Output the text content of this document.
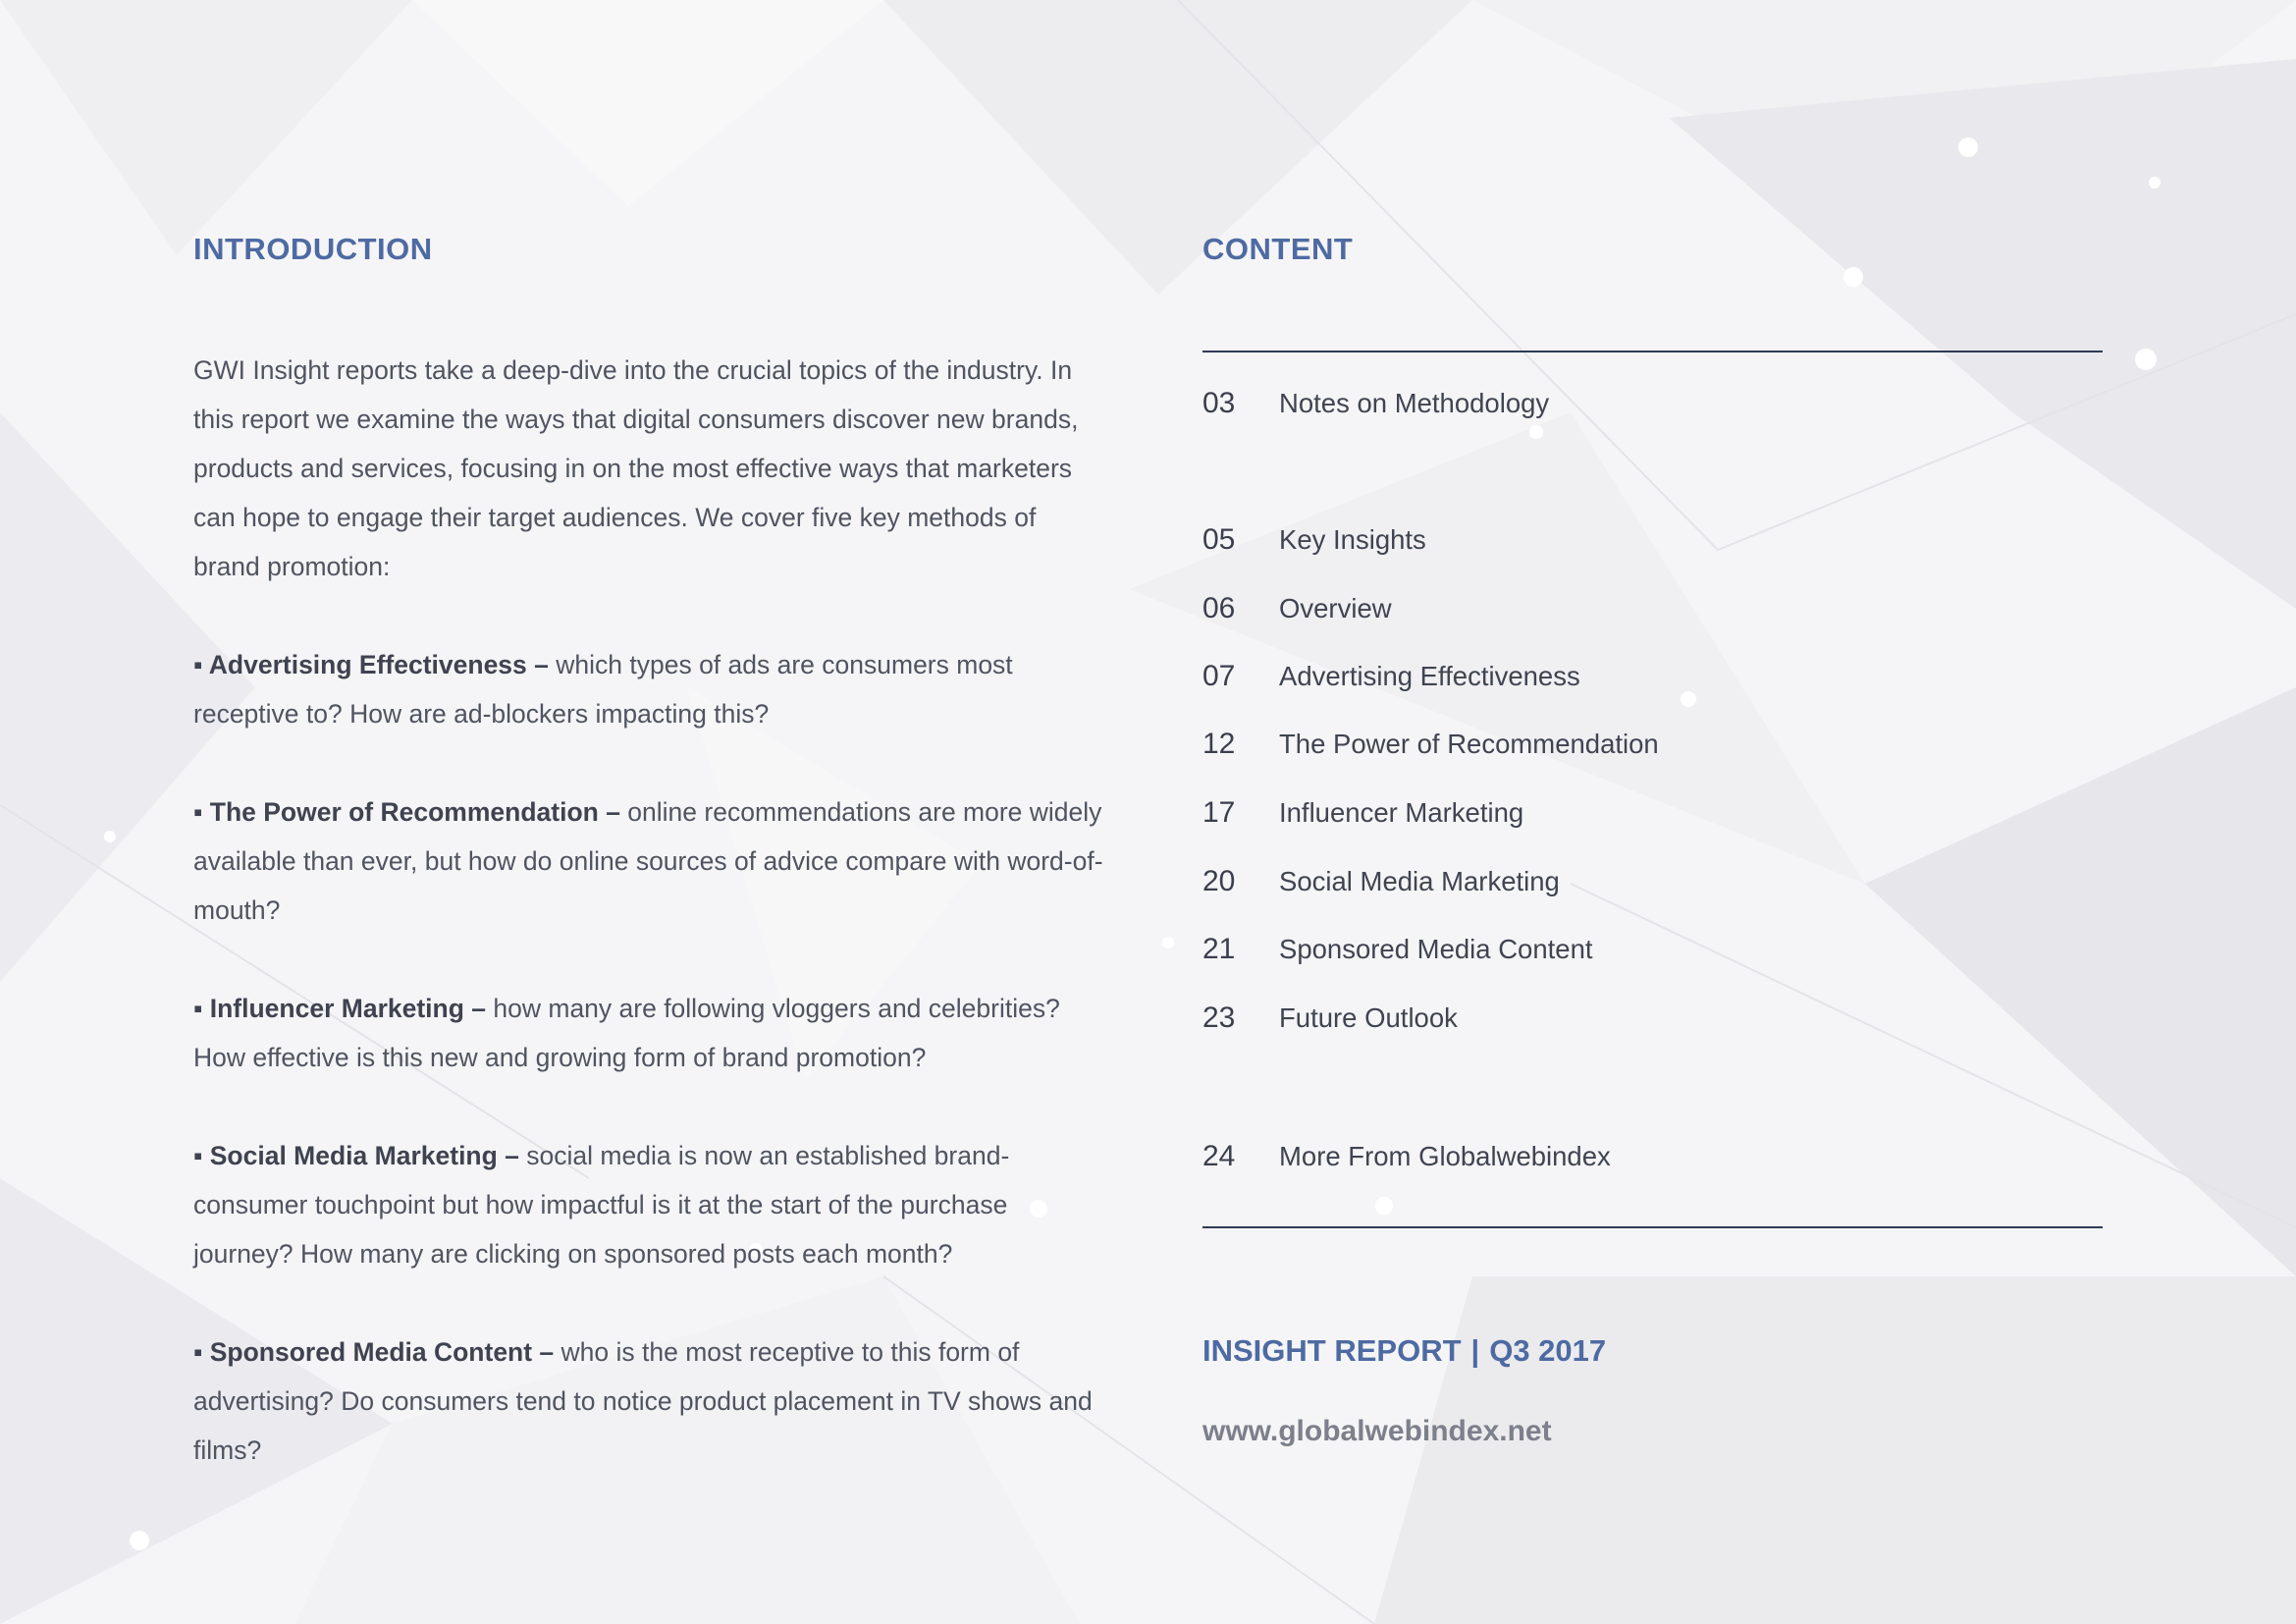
INTRODUCTION

GWI Insight reports take a deep-dive into the crucial topics of the industry. In this report we examine the ways that digital consumers discover new brands, products and services, focusing in on the most effective ways that marketers can hope to engage their target audiences. We cover five key methods of brand promotion:

▪ Advertising Effectiveness – which types of ads are consumers most receptive to? How are ad-blockers impacting this?

▪ The Power of Recommendation – online recommendations are more widely available than ever, but how do online sources of advice compare with word-of-mouth?

▪ Influencer Marketing – how many are following vloggers and celebrities? How effective is this new and growing form of brand promotion?

▪ Social Media Marketing – social media is now an established brand-consumer touchpoint but how impactful is it at the start of the purchase journey? How many are clicking on sponsored posts each month?

▪ Sponsored Media Content – who is the most receptive to this form of advertising? Do consumers tend to notice product placement in TV shows and films?

CONTENT
03	Notes on Methodology
05	Key Insights
06	Overview
07	Advertising Effectiveness
12	The Power of Recommendation
17	Influencer Marketing
20	Social Media Marketing
21	Sponsored Media Content
23	Future Outlook
24	More From Globalwebindex

INSIGHT REPORT | Q3 2017

www.globalwebindex.net
